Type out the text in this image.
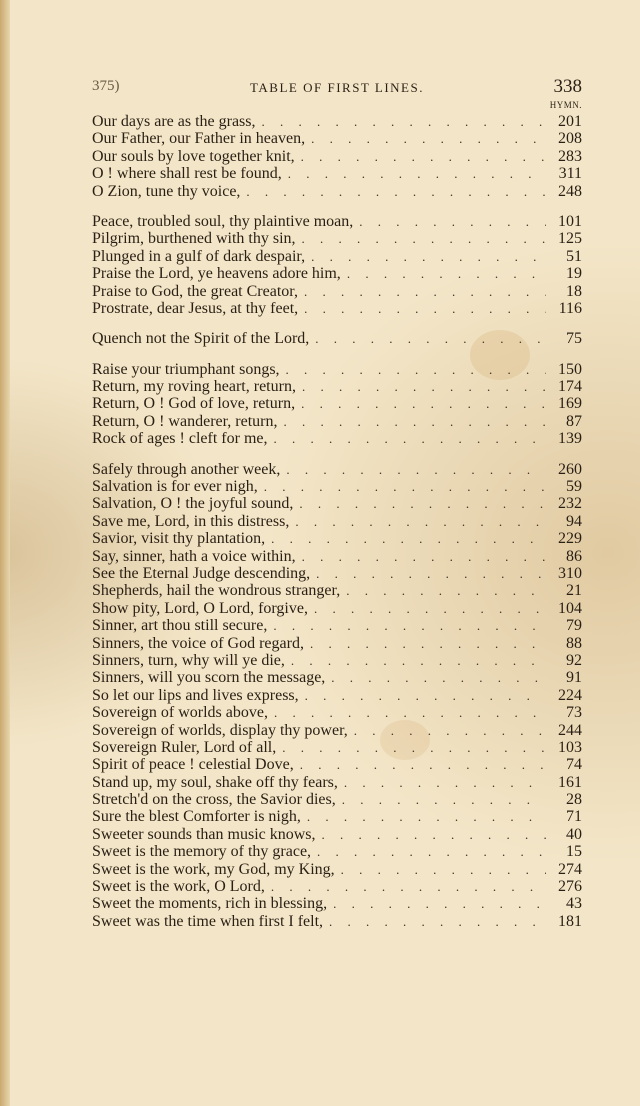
375)	TABLE OF FIRST LINES.	338
HYMN.
Our days are as the grass, . . .	201
Our Father, our Father in heaven, . . .	208
Our souls by love together knit, . . .	283
O ! where shall rest be found, . . .	311
O Zion, tune thy voice, . . .	248
Peace, troubled soul, thy plaintive moan, . . .	101
Pilgrim, burthened with thy sin, . . .	125
Plunged in a gulf of dark despair, . . .	51
Praise the Lord, ye heavens adore him, . . .	19
Praise to God, the great Creator, . . .	18
Prostrate, dear Jesus, at thy feet, . . .	116
Quench not the Spirit of the Lord, . . .	75
Raise your triumphant songs, . . .	150
Return, my roving heart, return, . . .	174
Return, O ! God of love, return, . . .	169
Return, O ! wanderer, return, . . .	87
Rock of ages ! cleft for me, . . .	139
Safely through another week, . . .	260
Salvation is for ever nigh, . . .	59
Salvation, O ! the joyful sound, . . .	232
Save me, Lord, in this distress, . . .	94
Savior, visit thy plantation, . . .	229
Say, sinner, hath a voice within, . . .	86
See the Eternal Judge descending, . . .	310
Shepherds, hail the wondrous stranger, . . .	21
Show pity, Lord, O Lord, forgive, . . .	104
Sinner, art thou still secure, . . .	79
Sinners, the voice of God regard, . . .	88
Sinners, turn, why will ye die, . . .	92
Sinners, will you scorn the message, . . .	91
So let our lips and lives express, . . .	224
Sovereign of worlds above, . . .	73
Sovereign of worlds, display thy power, . . .	244
Sovereign Ruler, Lord of all, . . .	103
Spirit of peace ! celestial Dove, . . .	74
Stand up, my soul, shake off thy fears, . . .	161
Stretch'd on the cross, the Savior dies, . . .	28
Sure the blest Comforter is nigh, . . .	71
Sweeter sounds than music knows, . . .	40
Sweet is the memory of thy grace, . . .	15
Sweet is the work, my God, my King, . . .	274
Sweet is the work, O Lord, . . .	276
Sweet the moments, rich in blessing, . . .	43
Sweet was the time when first I felt, . . .	181
